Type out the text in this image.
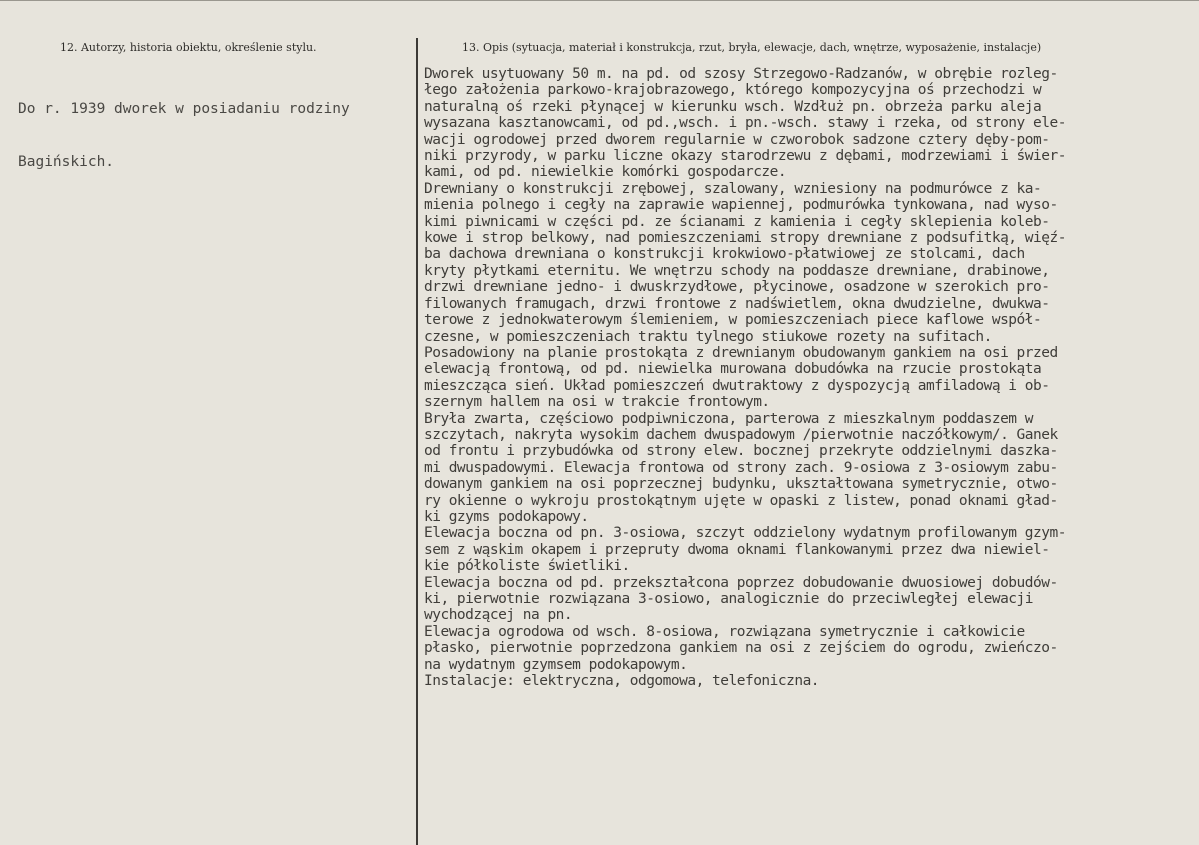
12. Autorzy, historia obiektu, określenie stylu.	13. Opis (sytuacja, materiał i konstrukcja, rzut, bryła, elewacje, dach, wnętrze, wyposażenie, instalacje)

Do r. 1939 dworek w posiadaniu rodziny

Bagińskich.

Dworek usytuowany 50 m. na pd. od szosy Strzegowo-Radzanów, w obrębie rozleg-
łego założenia parkowo-krajobrazowego, którego kompozycyjna oś przechodzi w
naturalną oś rzeki płynącej w kierunku wsch. Wzdłuż pn. obrzeża parku aleja
wysazana kasztanowcami, od pd.,wsch. i pn.-wsch. stawy i rzeka, od strony ele-
wacji ogrodowej przed dworem regularnie w czworobok sadzone cztery dęby-pom-
niki przyrody, w parku liczne okazy starodrzewu z dębami, modrzewiami i świer-
kami, od pd. niewielkie komórki gospodarcze.
Drewniany o konstrukcji zrębowej, szalowany, wzniesiony na podmurówce z ka-
mienia polnego i cegły na zaprawie wapiennej, podmurówka tynkowana, nad wyso-
kimi piwnicami w części pd. ze ścianami z kamienia i cegły sklepienia koleb-
kowe i strop belkowy, nad pomieszczeniami stropy drewniane z podsufitką, więź-
ba dachowa drewniana o konstrukcji krokwiowo-płatwiowej ze stolcami, dach
kryty płytkami eternitu. We wnętrzu schody na poddasze drewniane, drabinowe,
drzwi drewniane jedno- i dwuskrzydłowe, płycinowe, osadzone w szerokich pro-
filowanych framugach, drzwi frontowe z nadświetlem, okna dwudzielne, dwukwa-
terowe z jednokwaterowym ślemieniem, w pomieszczeniach piece kaflowe współ-
czesne, w pomieszczeniach traktu tylnego stiukowe rozety na sufitach.
Posadowiony na planie prostokąta z drewnianym obudowanym gankiem na osi przed
elewacją frontową, od pd. niewielka murowana dobudówka na rzucie prostokąta
mieszcząca sień. Układ pomieszczeń dwutraktowy z dyspozycją amfiladową i ob-
szernym hallem na osi w trakcie frontowym.
Bryła zwarta, częściowo podpiwniczona, parterowa z mieszkalnym poddaszem w
szczytach, nakryta wysokim dachem dwuspadowym /pierwotnie naczółkowym/. Ganek
od frontu i przybudówka od strony elew. bocznej przekryte oddzielnymi daszka-
mi dwuspadowymi. Elewacja frontowa od strony zach. 9-osiowa z 3-osiowym zabu-
dowanym gankiem na osi poprzecznej budynku, ukształtowana symetrycznie, otwo-
ry okienne o wykroju prostokątnym ujęte w opaski z listew, ponad oknami gład-
ki gzyms podokapowy.
Elewacja boczna od pn. 3-osiowa, szczyt oddzielony wydatnym profilowanym gzym-
sem z wąskim okapem i przepruty dwoma oknami flankowanymi przez dwa niewiel-
kie półkoliste świetliki.
Elewacja boczna od pd. przekształcona poprzez dobudowanie dwuosiowej dobudów-
ki, pierwotnie rozwiązana 3-osiowo, analogicznie do przeciwległej elewacji
wychodzącej na pn.
Elewacja ogrodowa od wsch. 8-osiowa, rozwiązana symetrycznie i całkowicie
płasko, pierwotnie poprzedzona gankiem na osi z zejściem do ogrodu, zwieńczo-
na wydatnym gzymsem podokapowym.
Instalacje: elektryczna, odgomowa, telefoniczna.
